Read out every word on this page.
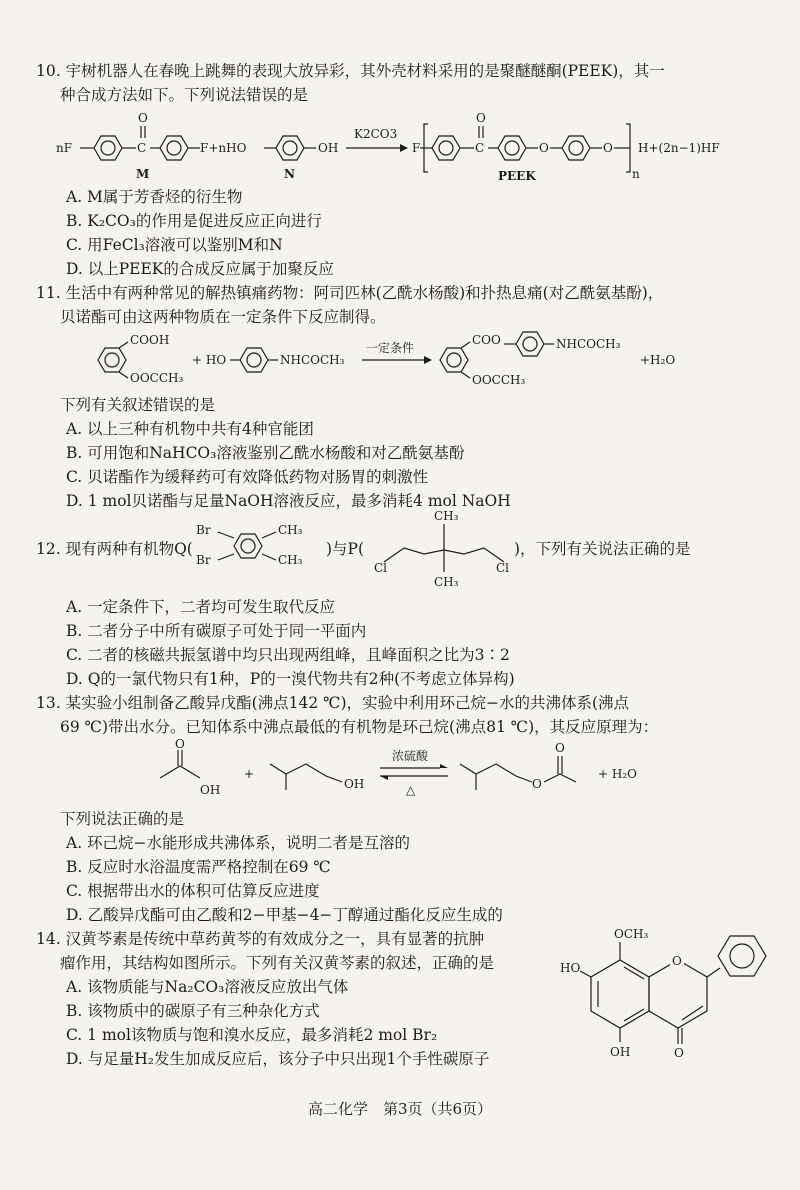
10. 宇树机器人在春晚上跳舞的表现大放异彩，其外壳材料采用的是聚醚醚酮(PEEK)，其一
种合成方法如下。下列说法错误的是
nF
O
C	F+nHO	OH
M	N
K2CO3
F
O
C	O	O
n
H+(2n−1)HF
PEEK
A. M属于芳香烃的衍生物
B. K₂CO₃的作用是促进反应正向进行
C. 用FeCl₃溶液可以鉴别M和N
D. 以上PEEK的合成反应属于加聚反应
11. 生活中有两种常见的解热镇痛药物：阿司匹林(乙酰水杨酸)和扑热息痛(对乙酰氨基酚)，
贝诺酯可由这两种物质在一定条件下反应制得。
COOH
OOCCH₃
+ HO	NHCOCH₃
一定条件
COO
OOCCH₃
NHCOCH₃
+H₂O
下列有关叙述错误的是
A. 以上三种有机物中共有4种官能团
B. 可用饱和NaHCO₃溶液鉴别乙酰水杨酸和对乙酰氨基酚
C. 贝诺酯作为缓释药可有效降低药物对肠胃的刺激性
D. 1 mol贝诺酯与足量NaOH溶液反应，最多消耗4 mol NaOH
12. 现有两种有机物Q(
Br
Br
CH₃
CH₃
)与P(
CH₃
CH₃
Cl	Cl
)，下列有关说法正确的是
A. 一定条件下，二者均可发生取代反应
B. 二者分子中所有碳原子可处于同一平面内
C. 二者的核磁共振氢谱中均只出现两组峰，且峰面积之比为3∶2
D. Q的一氯代物只有1种，P的一溴代物共有2种(不考虑立体异构)
13. 某实验小组制备乙酸异戊酯(沸点142 ℃)，实验中利用环己烷−水的共沸体系(沸点
69 ℃)带出水分。已知体系中沸点最低的有机物是环己烷(沸点81 ℃)，其反应原理为：
O
OH
+
OH
浓硫酸
△	O
O
+ H₂O
下列说法正确的是
A. 环己烷−水能形成共沸体系，说明二者是互溶的
B. 反应时水浴温度需严格控制在69 ℃
C. 根据带出水的体积可估算反应进度
D. 乙酸异戊酯可由乙酸和2−甲基−4−丁醇通过酯化反应生成的
14. 汉黄芩素是传统中草药黄芩的有效成分之一，具有显著的抗肿
瘤作用，其结构如图所示。下列有关汉黄芩素的叙述，正确的是
A. 该物质能与Na₂CO₃溶液反应放出气体
B. 该物质中的碳原子有三种杂化方式
C. 1 mol该物质与饱和溴水反应，最多消耗2 mol Br₂
D. 与足量H₂发生加成反应后，该分子中只出现1个手性碳原子
OCH₃
O
O
HO
OH
高二化学　第3页（共6页）
